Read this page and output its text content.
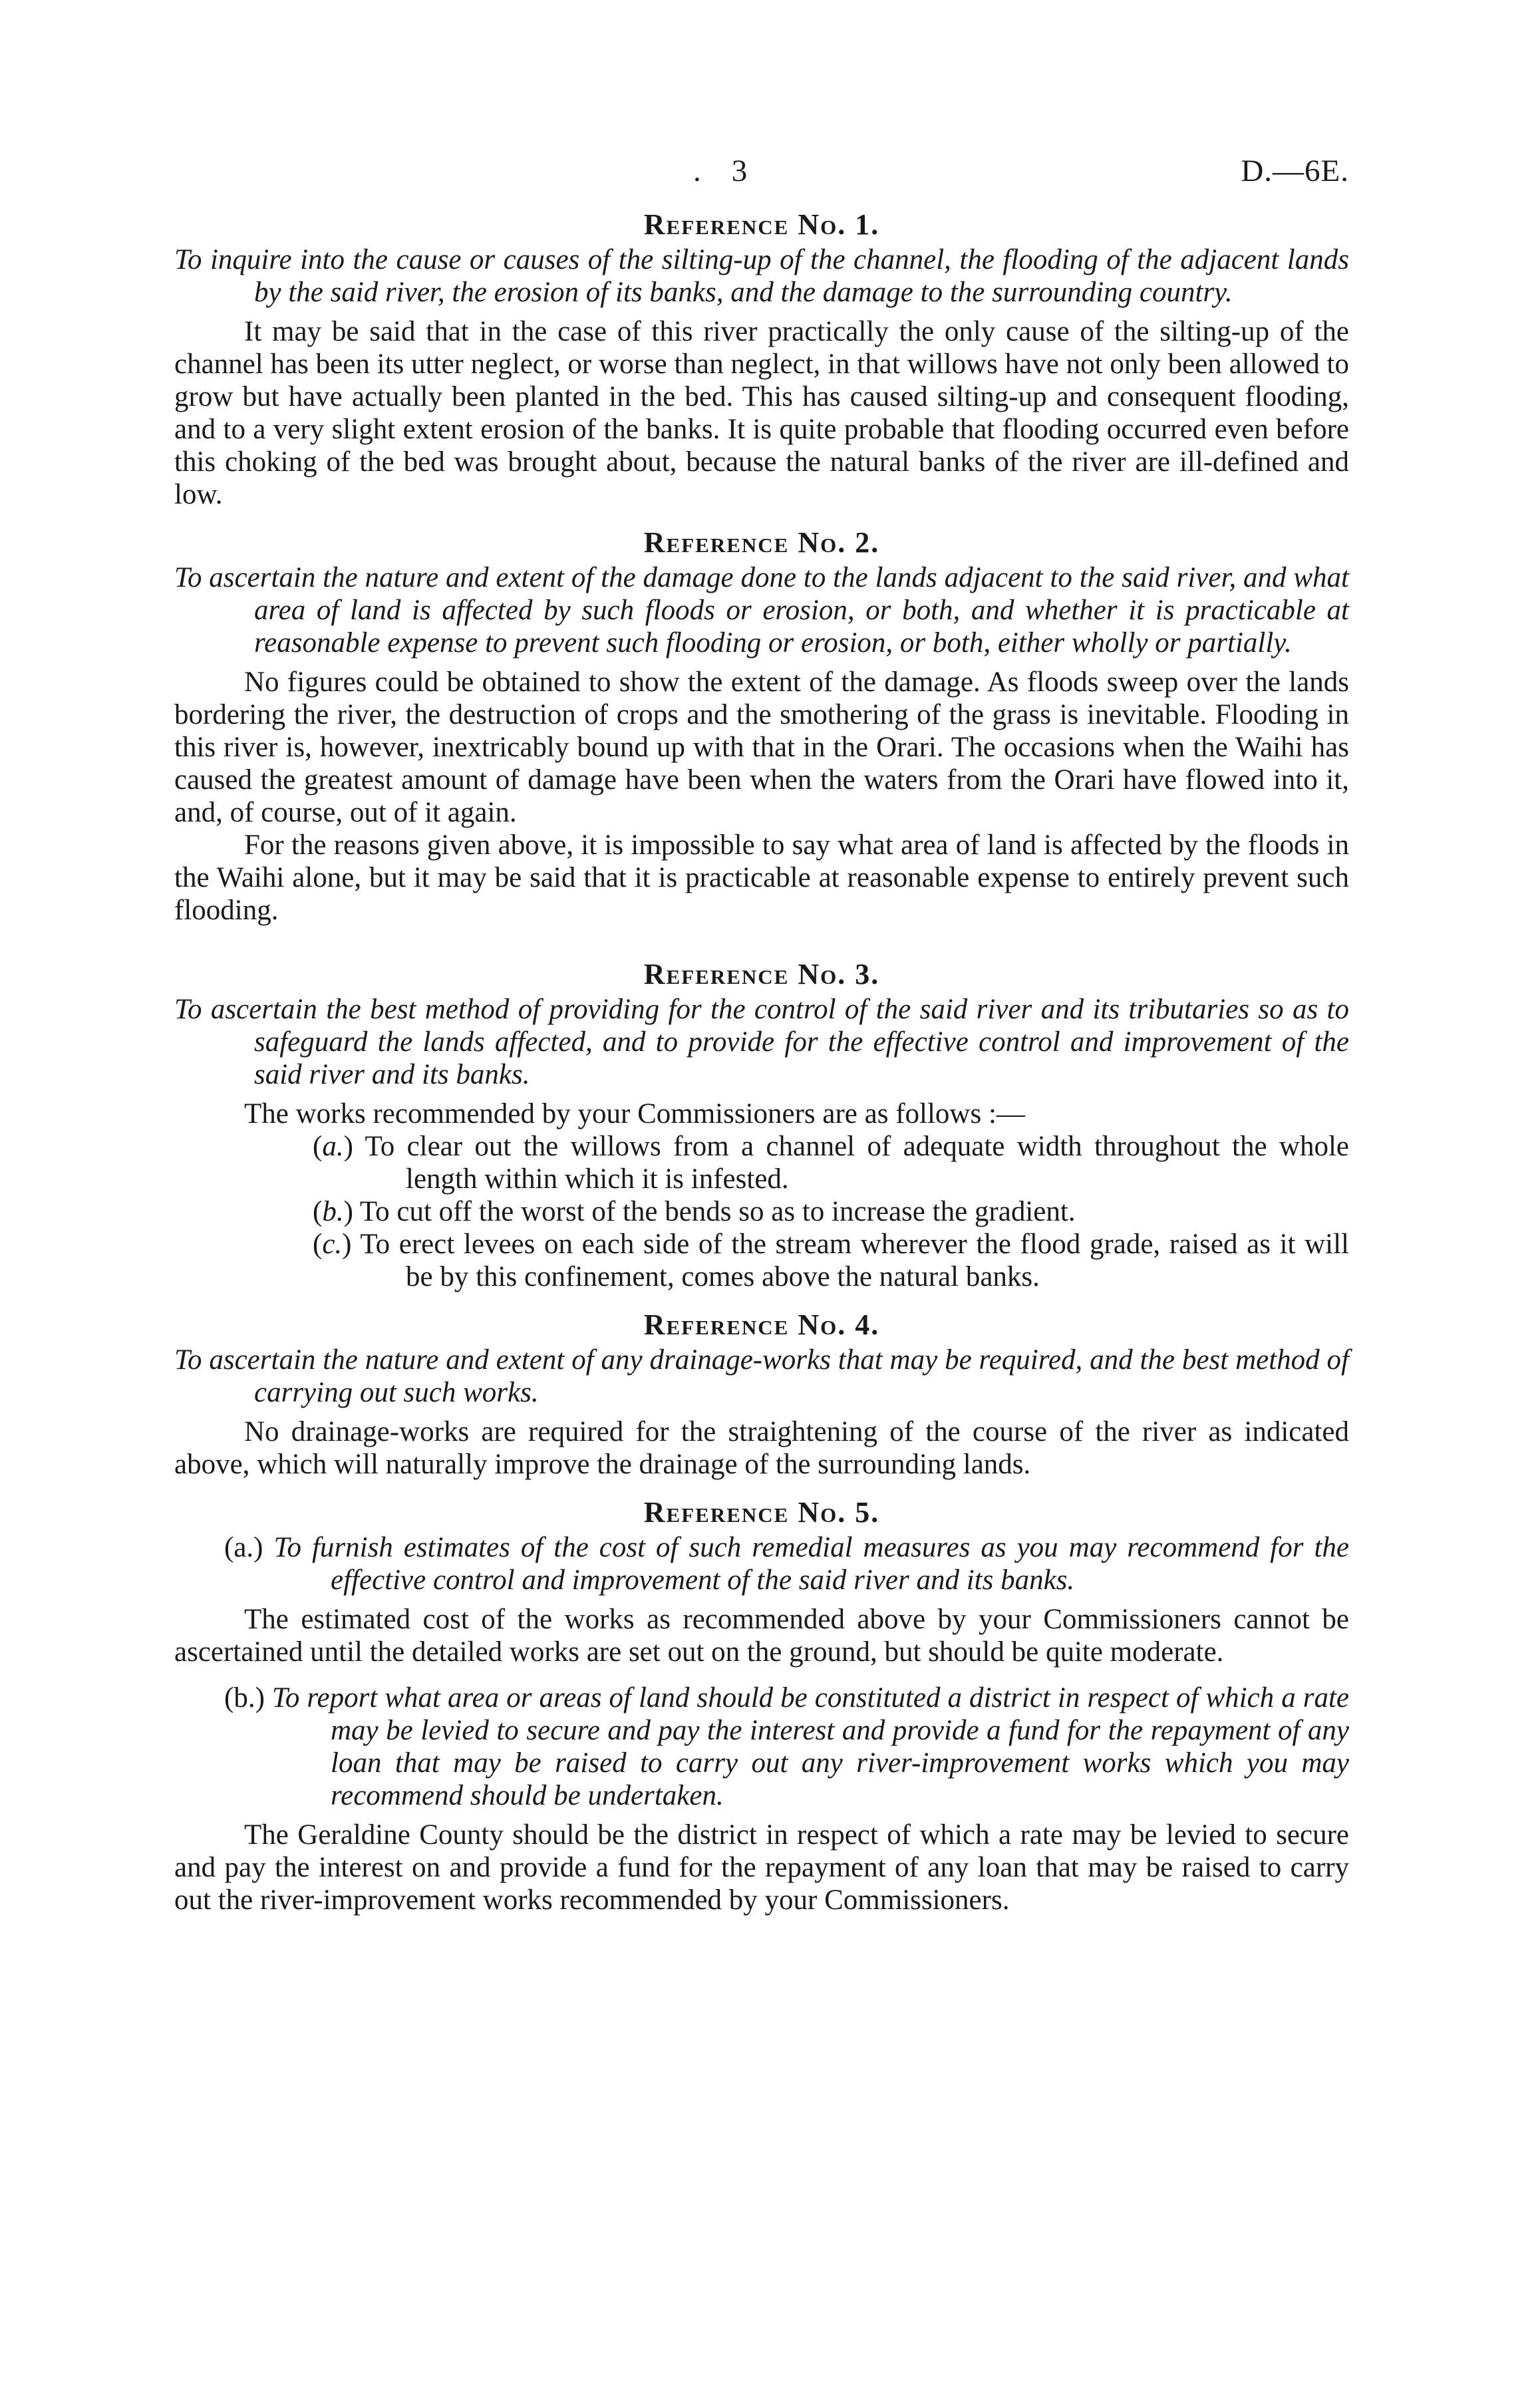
. 3	D.—6E.
Reference No. 1.

To inquire into the cause or causes of the silting-up of the channel, the flooding of the adjacent lands by the said river, the erosion of its banks, and the damage to the surrounding country.

It may be said that in the case of this river practically the only cause of the silting-up of the channel has been its utter neglect, or worse than neglect, in that willows have not only been allowed to grow but have actually been planted in the bed. This has caused silting-up and consequent flooding, and to a very slight extent erosion of the banks. It is quite probable that flooding occurred even before this choking of the bed was brought about, because the natural banks of the river are ill-defined and low.

Reference No. 2.

To ascertain the nature and extent of the damage done to the lands adjacent to the said river, and what area of land is affected by such floods or erosion, or both, and whether it is practicable at reasonable expense to prevent such flooding or erosion, or both, either wholly or partially.

No figures could be obtained to show the extent of the damage. As floods sweep over the lands bordering the river, the destruction of crops and the smothering of the grass is inevitable. Flooding in this river is, however, inextricably bound up with that in the Orari. The occasions when the Waihi has caused the greatest amount of damage have been when the waters from the Orari have flowed into it, and, of course, out of it again.

For the reasons given above, it is impossible to say what area of land is affected by the floods in the Waihi alone, but it may be said that it is practicable at reasonable expense to entirely prevent such flooding.

Reference No. 3.

To ascertain the best method of providing for the control of the said river and its tributaries so as to safeguard the lands affected, and to provide for the effective control and improvement of the said river and its banks.

The works recommended by your Commissioners are as follows :—

(a.) To clear out the willows from a channel of adequate width throughout the whole length within which it is infested.

(b.) To cut off the worst of the bends so as to increase the gradient.

(c.) To erect levees on each side of the stream wherever the flood grade, raised as it will be by this confinement, comes above the natural banks.

Reference No. 4.

To ascertain the nature and extent of any drainage-works that may be required, and the best method of carrying out such works.

No drainage-works are required for the straightening of the course of the river as indicated above, which will naturally improve the drainage of the surrounding lands.

Reference No. 5.

(a.) To furnish estimates of the cost of such remedial measures as you may recommend for the effective control and improvement of the said river and its banks.

The estimated cost of the works as recommended above by your Commissioners cannot be ascertained until the detailed works are set out on the ground, but should be quite moderate.

(b.) To report what area or areas of land should be constituted a district in respect of which a rate may be levied to secure and pay the interest and provide a fund for the repayment of any loan that may be raised to carry out any river-improvement works which you may recommend should be undertaken.

The Geraldine County should be the district in respect of which a rate may be levied to secure and pay the interest on and provide a fund for the repayment of any loan that may be raised to carry out the river-improvement works recommended by your Commissioners.
